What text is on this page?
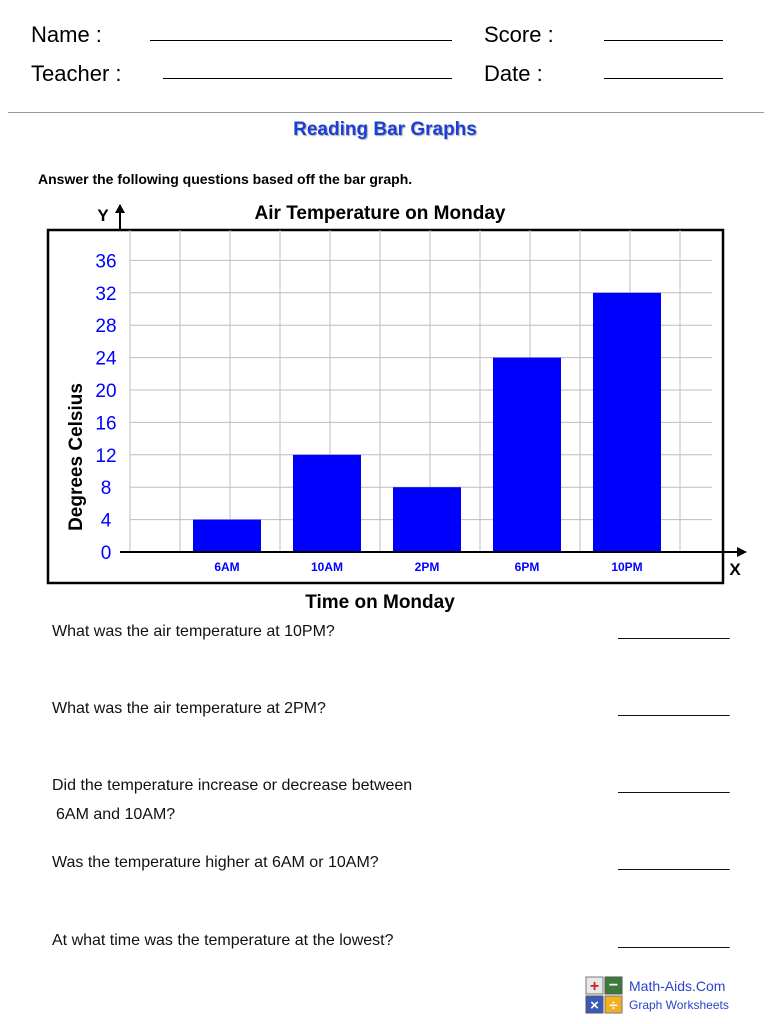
Name :
Teacher :
Score :
Date :
Reading Bar Graphs
Answer the following questions based off the bar graph.
Air Temperature on Monday
Y
0
4
8
12
16
20
24
28
32
36
6AM	10AM	2PM	6PM	10PM	X
Degrees Celsius
Time on Monday
What was the air temperature at 10PM?	______________
What was the air temperature at 2PM?	______________
Did the temperature increase or decrease between
6AM and 10AM?
______________
Was the temperature higher at 6AM or 10AM?	______________
At what time was the temperature at the lowest?	______________
+ −
× ÷
Math-Aids.Com
Graph Worksheets
